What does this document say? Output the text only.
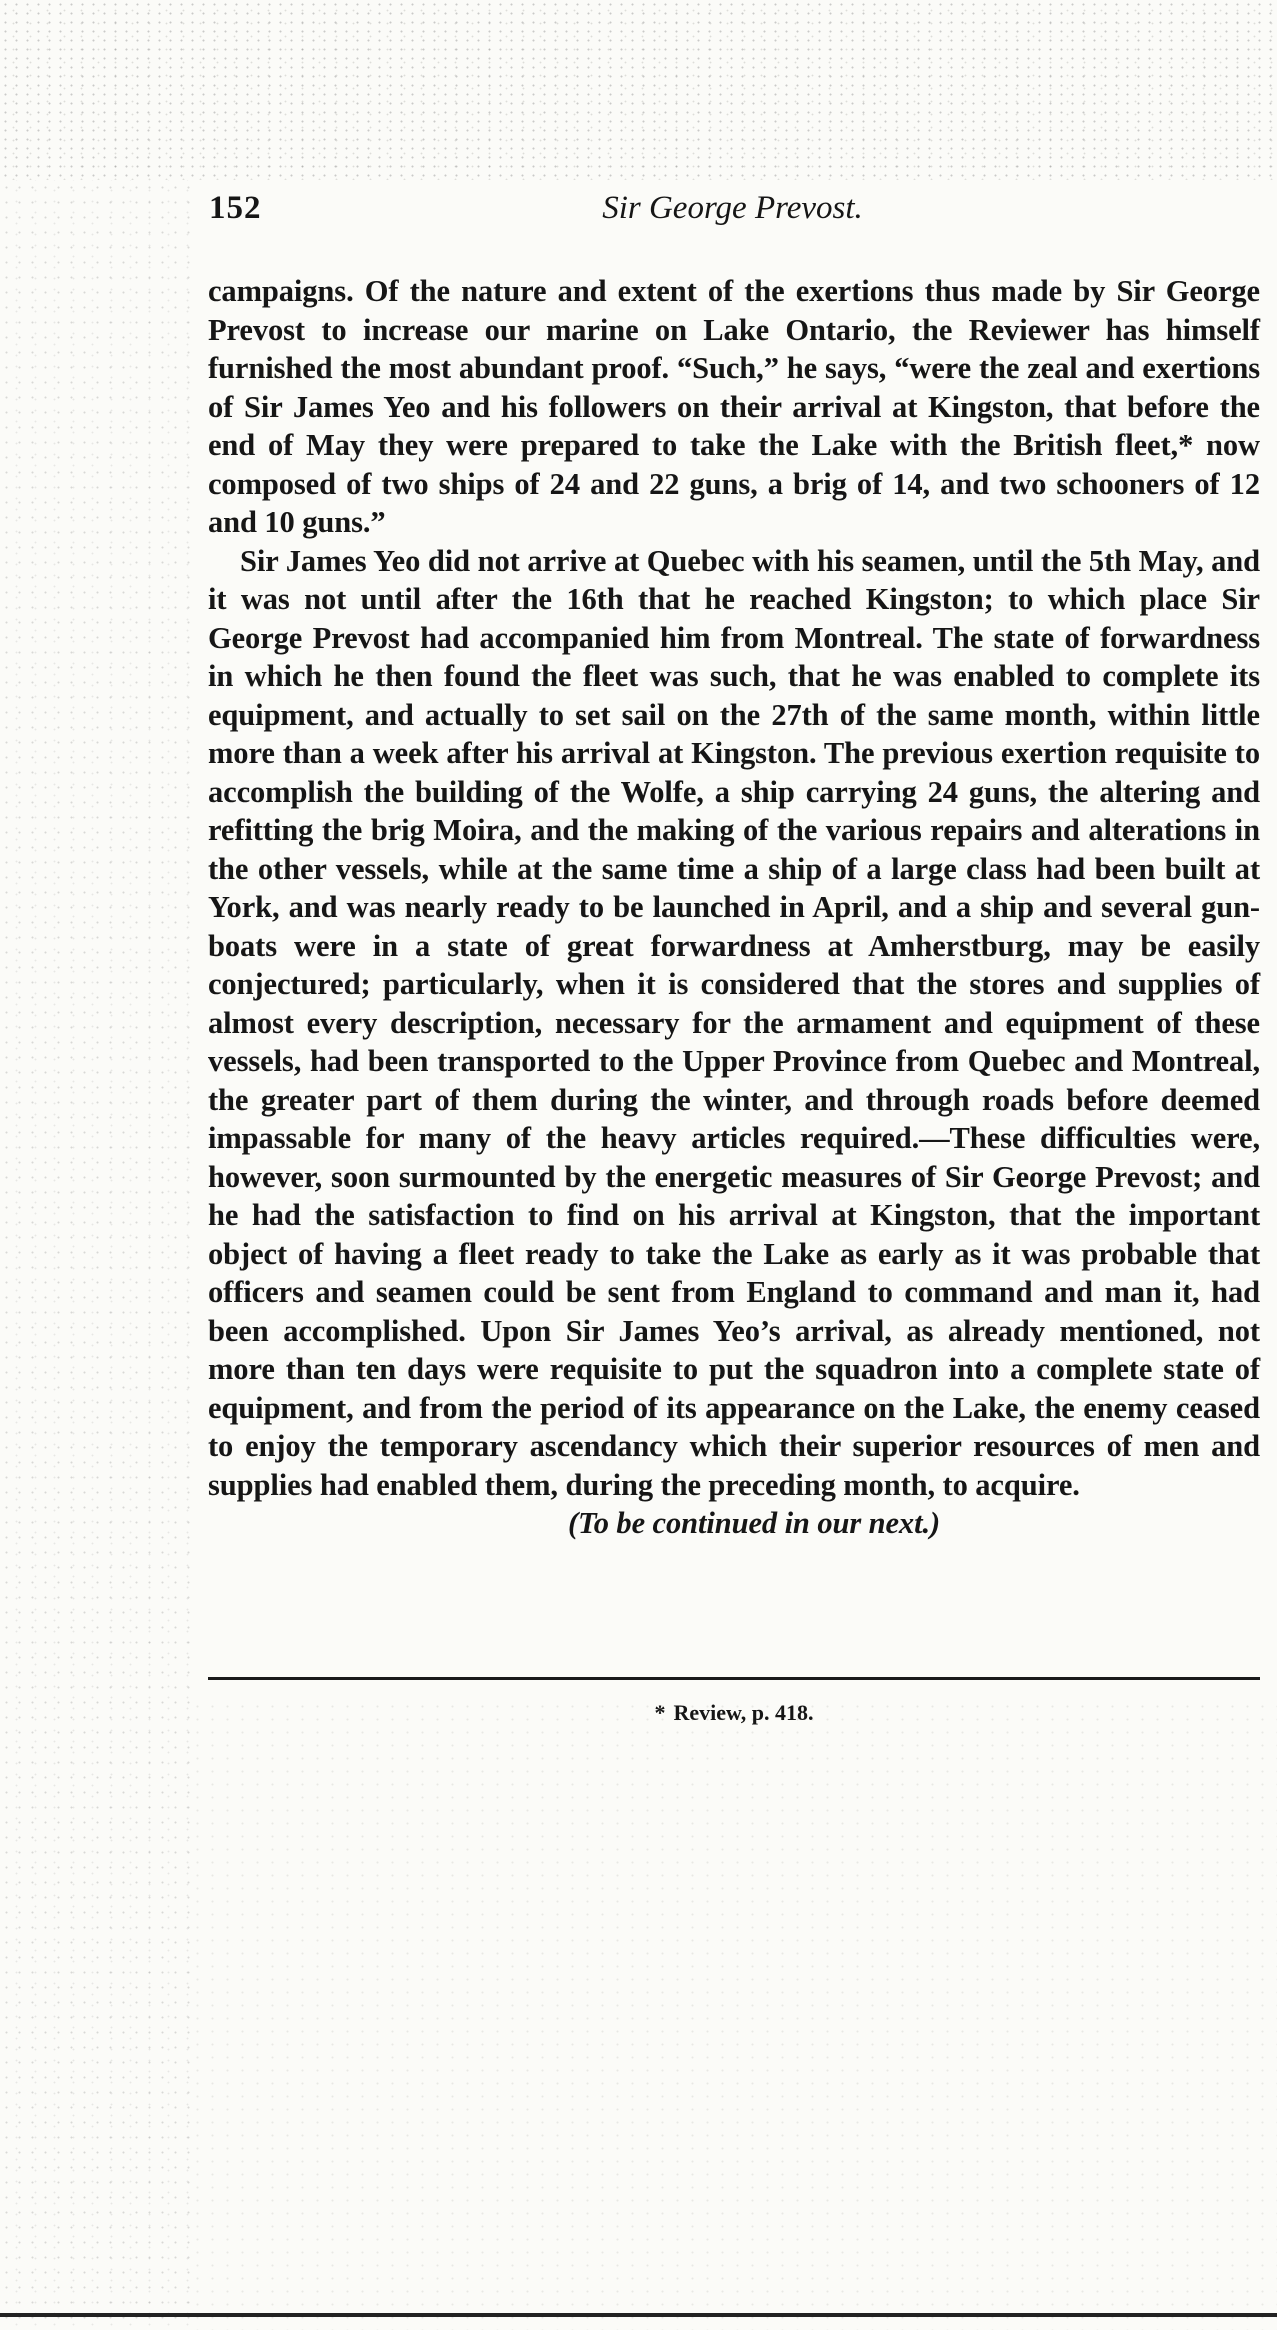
152	Sir George Prevost.

campaigns. Of the nature and extent of the exertions thus made by Sir George Prevost to increase our marine on Lake Ontario, the Reviewer has himself furnished the most abundant proof. “Such,” he says, “were the zeal and exertions of Sir James Yeo and his followers on their arrival at Kingston, that before the end of May they were prepared to take the Lake with the British fleet,* now composed of two ships of 24 and 22 guns, a brig of 14, and two schooners of 12 and 10 guns.”

Sir James Yeo did not arrive at Quebec with his seamen, until the 5th May, and it was not until after the 16th that he reached Kingston; to which place Sir George Prevost had accompanied him from Montreal. The state of forwardness in which he then found the fleet was such, that he was enabled to complete its equipment, and actually to set sail on the 27th of the same month, within little more than a week after his arrival at Kingston. The previous exertion requisite to accomplish the building of the Wolfe, a ship carrying 24 guns, the altering and refitting the brig Moira, and the making of the various repairs and alterations in the other vessels, while at the same time a ship of a large class had been built at York, and was nearly ready to be launched in April, and a ship and several gun-boats were in a state of great forwardness at Amherstburg, may be easily conjectured; particularly, when it is considered that the stores and supplies of almost every description, necessary for the armament and equipment of these vessels, had been transported to the Upper Province from Quebec and Montreal, the greater part of them during the winter, and through roads before deemed impassable for many of the heavy articles required.—These difficulties were, however, soon surmounted by the energetic measures of Sir George Prevost; and he had the satisfaction to find on his arrival at Kingston, that the important object of having a fleet ready to take the Lake as early as it was probable that officers and seamen could be sent from England to command and man it, had been accomplished. Upon Sir James Yeo’s arrival, as already mentioned, not more than ten days were requisite to put the squadron into a complete state of equipment, and from the period of its appearance on the Lake, the enemy ceased to enjoy the temporary ascendancy which their superior resources of men and supplies had enabled them, during the preceding month, to acquire.

(To be continued in our next.)

* Review, p. 418.
